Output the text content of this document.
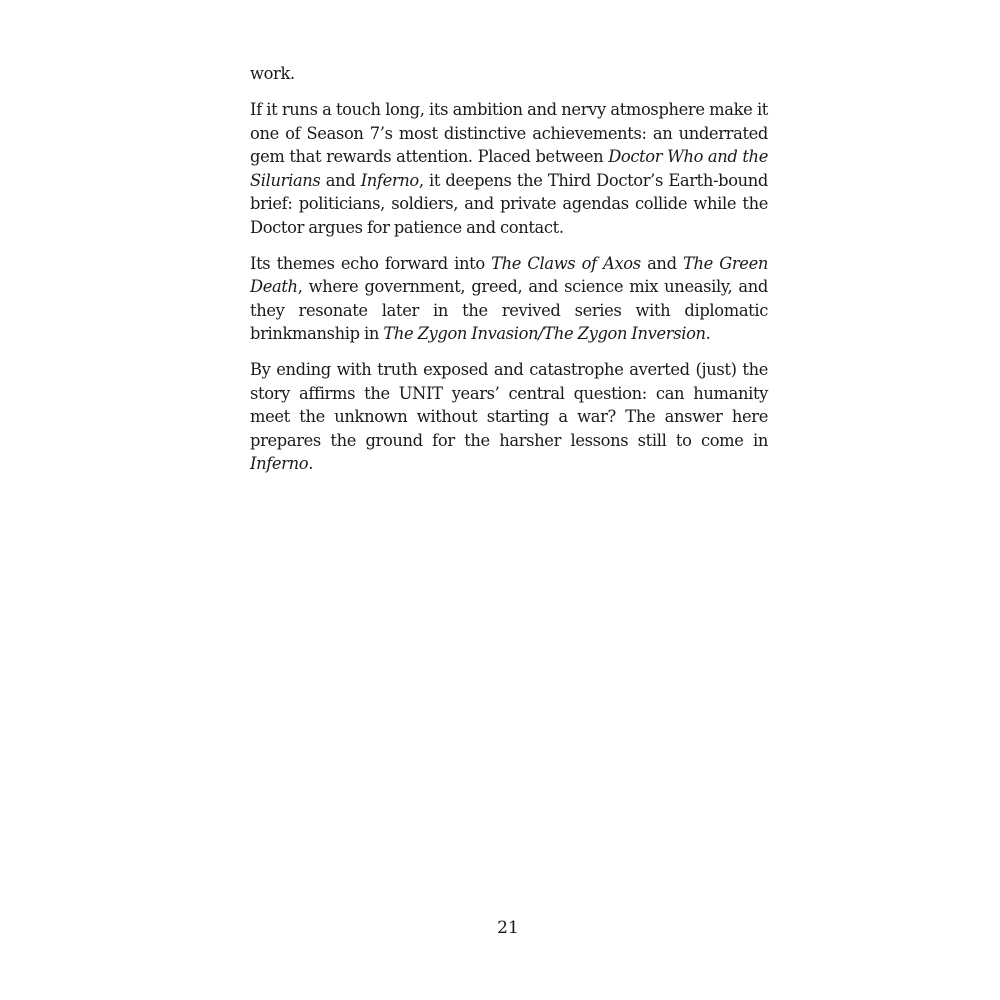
work.

If it runs a touch long, its ambition and nervy atmosphere make it one of Season 7’s most distinctive achievements: an underrated gem that rewards attention. Placed between Doctor Who and the Silurians and Inferno, it deepens the Third Doctor’s Earth-bound brief: politicians, soldiers, and private agendas collide while the Doctor argues for patience and contact.

Its themes echo forward into The Claws of Axos and The Green Death, where government, greed, and science mix uneasily, and they resonate later in the revived series with diplomatic brinkmanship in The Zygon Invasion/The Zygon Inversion.

By ending with truth exposed and catastrophe averted (just) the story affirms the UNIT years’ central question: can humanity meet the unknown without starting a war? The answer here prepares the ground for the harsher lessons still to come in Inferno.

21
